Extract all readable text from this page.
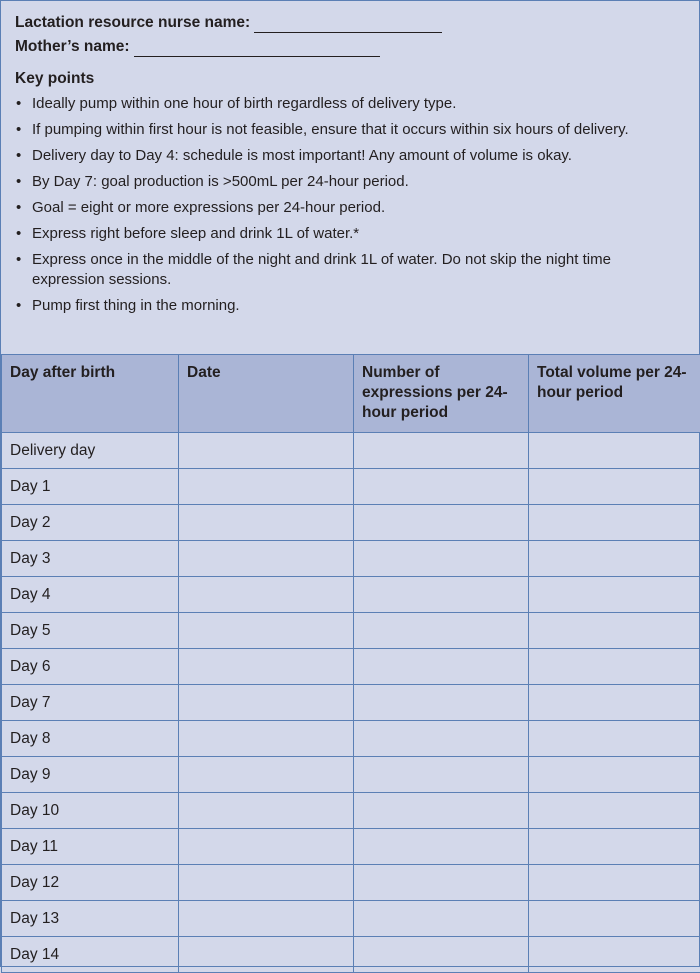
Lactation resource nurse name:
Mother’s name:
Key points
• Ideally pump within one hour of birth regardless of delivery type.
• If pumping within first hour is not feasible, ensure that it occurs within six hours of delivery.
• Delivery day to Day 4: schedule is most important! Any amount of volume is okay.
• By Day 7: goal production is >500mL per 24-hour period.
• Goal = eight or more expressions per 24-hour period.
• Express right before sleep and drink 1L of water.*
• Express once in the middle of the night and drink 1L of water. Do not skip the night time expression sessions.
• Pump first thing in the morning.
Day after birth	Date	Number of expressions per 24-hour period	Total volume per 24-hour period
Delivery day			
Day 1			
Day 2			
Day 3			
Day 4			
Day 5			
Day 6			
Day 7			
Day 8			
Day 9			
Day 10			
Day 11			
Day 12			
Day 13			
Day 14			
